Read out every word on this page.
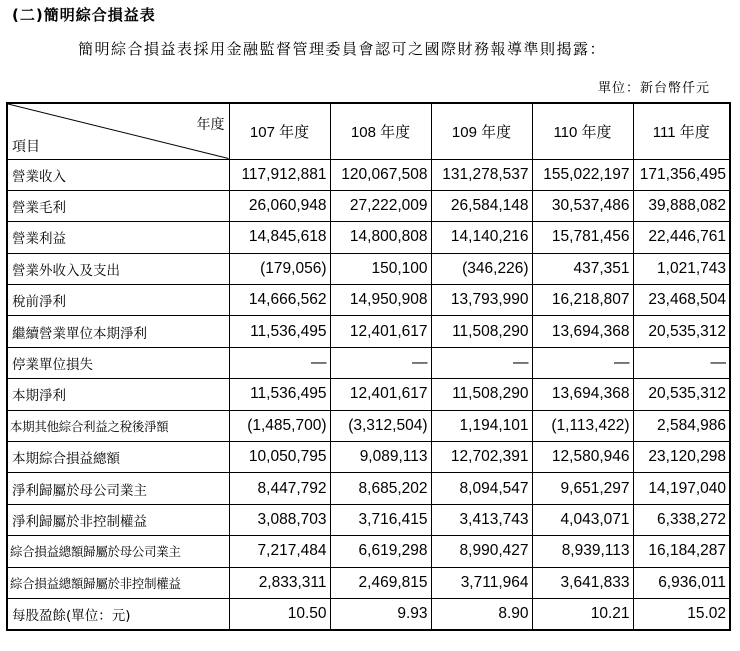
(二)簡明綜合損益表
簡明綜合損益表採用金融監督管理委員會認可之國際財務報導準則揭露：
單位：新台幣仟元
年度
項目	107 年度	108 年度	109 年度	110 年度	111 年度
營業收入	117,912,881	120,067,508	131,278,537	155,022,197	171,356,495
營業毛利	26,060,948	27,222,009	26,584,148	30,537,486	39,888,082
營業利益	14,845,618	14,800,808	14,140,216	15,781,456	22,446,761
營業外收入及支出	(179,056)	150,100	(346,226)	437,351	1,021,743
稅前淨利	14,666,562	14,950,908	13,793,990	16,218,807	23,468,504
繼續營業單位本期淨利	11,536,495	12,401,617	11,508,290	13,694,368	20,535,312
停業單位損失	—	—	—	—	—
本期淨利	11,536,495	12,401,617	11,508,290	13,694,368	20,535,312
本期其他綜合利益之稅後淨額	(1,485,700)	(3,312,504)	1,194,101	(1,113,422)	2,584,986
本期綜合損益總額	10,050,795	9,089,113	12,702,391	12,580,946	23,120,298
淨利歸屬於母公司業主	8,447,792	8,685,202	8,094,547	9,651,297	14,197,040
淨利歸屬於非控制權益	3,088,703	3,716,415	3,413,743	4,043,071	6,338,272
綜合損益總額歸屬於母公司業主	7,217,484	6,619,298	8,990,427	8,939,113	16,184,287
綜合損益總額歸屬於非控制權益	2,833,311	2,469,815	3,711,964	3,641,833	6,936,011
每股盈餘(單位：元)	10.50	9.93	8.90	10.21	15.02
